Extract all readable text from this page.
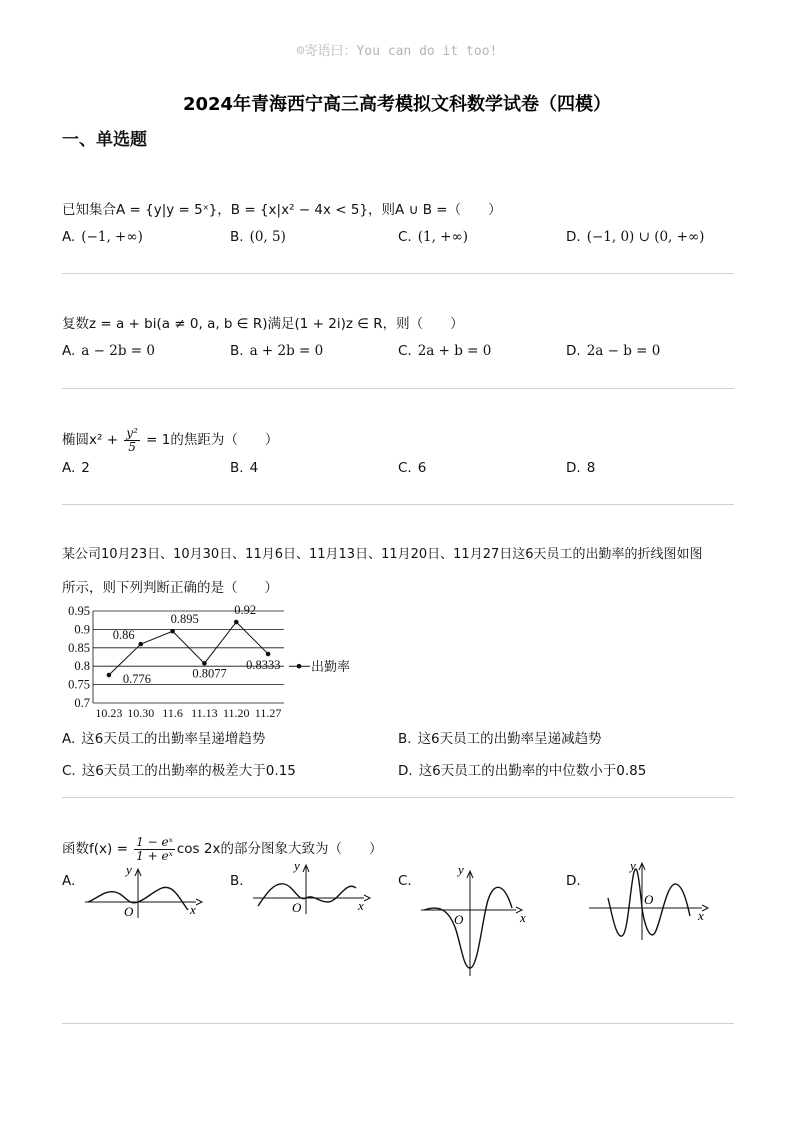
☺寄语曰：You can do it too!
2024年青海西宁高三高考模拟文科数学试卷（四模）
一、单选题
已知集合A = {y|y = 5ˣ}，B = {x|x² − 4x < 5}，则A ∪ B =（　　）
A. (−1, +∞)	B. (0, 5)	C. (1, +∞)	D. (−1, 0) ∪ (0, +∞)
复数z = a + bi(a ≠ 0, a, b ∈ R)满足(1 + 2i)z ∈ R，则（　　）
A. a − 2b = 0	B. a + 2b = 0	C. 2a + b = 0	D. 2a − b = 0
椭圆$x^2 + \frac{\text{y²}}{5} = 1$的焦距为（　　）
A. 2	B. 4	C. 6	D. 8
某公司10月23日、10月30日、11月6日、11月13日、11月20日、11月27日这6天员工的出勤率的折线图如图
所示，则下列判断正确的是（　　）
0.95
0.9
0.85
0.8
0.75
0.7
10.23 10.30 11.6 11.13 11.20 11.27
0.776
0.86
0.895
0.8077
0.92
0.8333 出勤率
A. 这6天员工的出勤率呈递增趋势	B. 这6天员工的出勤率呈递减趋势
C. 这6天员工的出勤率的极差大于0.15	D. 这6天员工的出勤率的中位数小于0.85
函数$f(x) = \frac{\text{1 − eˣ}}{\text{1 + eˣ}}$ cos 2x的部分图象大致为（　　）
A.
y
O	x
B.
y
O	x
C.
y
O	x
D.
y
O
x
